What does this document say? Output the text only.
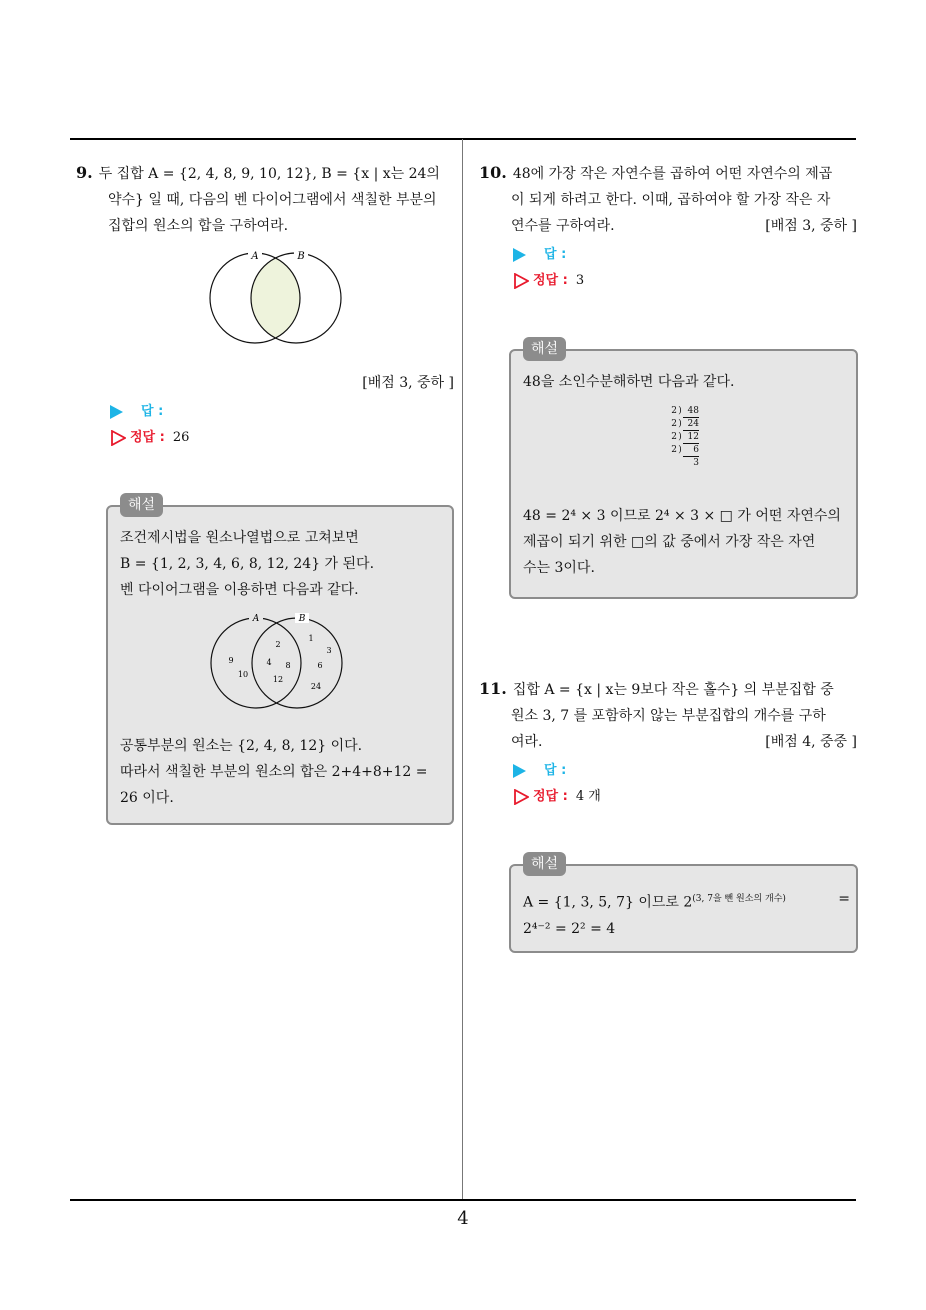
9. 두 집합 A = {2, 4, 8, 9, 10, 12}, B = {x | x는 24의
약수} 일 때, 다음의 벤 다이어그램에서 색칠한 부분의
집합의 원소의 합을 구하여라.
A	B
[배점 3, 중하 ]
답 :
정답 : 26
해설
조건제시법을 원소나열법으로 고쳐보면
B = {1, 2, 3, 4, 6, 8, 12, 24} 가 된다.
벤 다이어그램을 이용하면 다음과 같다.
A	B
9
10
2
4 8
12
1
3
6
24
공통부분의 원소는 {2, 4, 8, 12} 이다.
따라서 색칠한 부분의 원소의 합은 2+4+8+12 =
26 이다.
10. 48에 가장 작은 자연수를 곱하여 어떤 자연수의 제곱
이 되게 하려고 한다. 이때, 곱하여야 할 가장 작은 자
연수를 구하여라.	[배점 3, 중하 ]
답 :
정답 : 3
해설
48을 소인수분해하면 다음과 같다.
2 ) 48
2 ) 24
2 ) 12
2 )	6
3
48 = 2⁴ × 3 이므로 2⁴ × 3 × □ 가 어떤 자연수의
제곱이 되기 위한 □의 값 중에서 가장 작은 자연
수는 3이다.
11. 집합 A = {x | x는 9보다 작은 홀수} 의 부분집합 중
원소 3, 7 를 포함하지 않는 부분집합의 개수를 구하
여라.	[배점 4, 중중 ]
답 :
정답 : 4 개
해설
A = {1, 3, 5, 7} 이므로 $2^{(3, 7을 뺀 원소의 개수)}$	=
2⁴⁻² = 2² = 4
4
